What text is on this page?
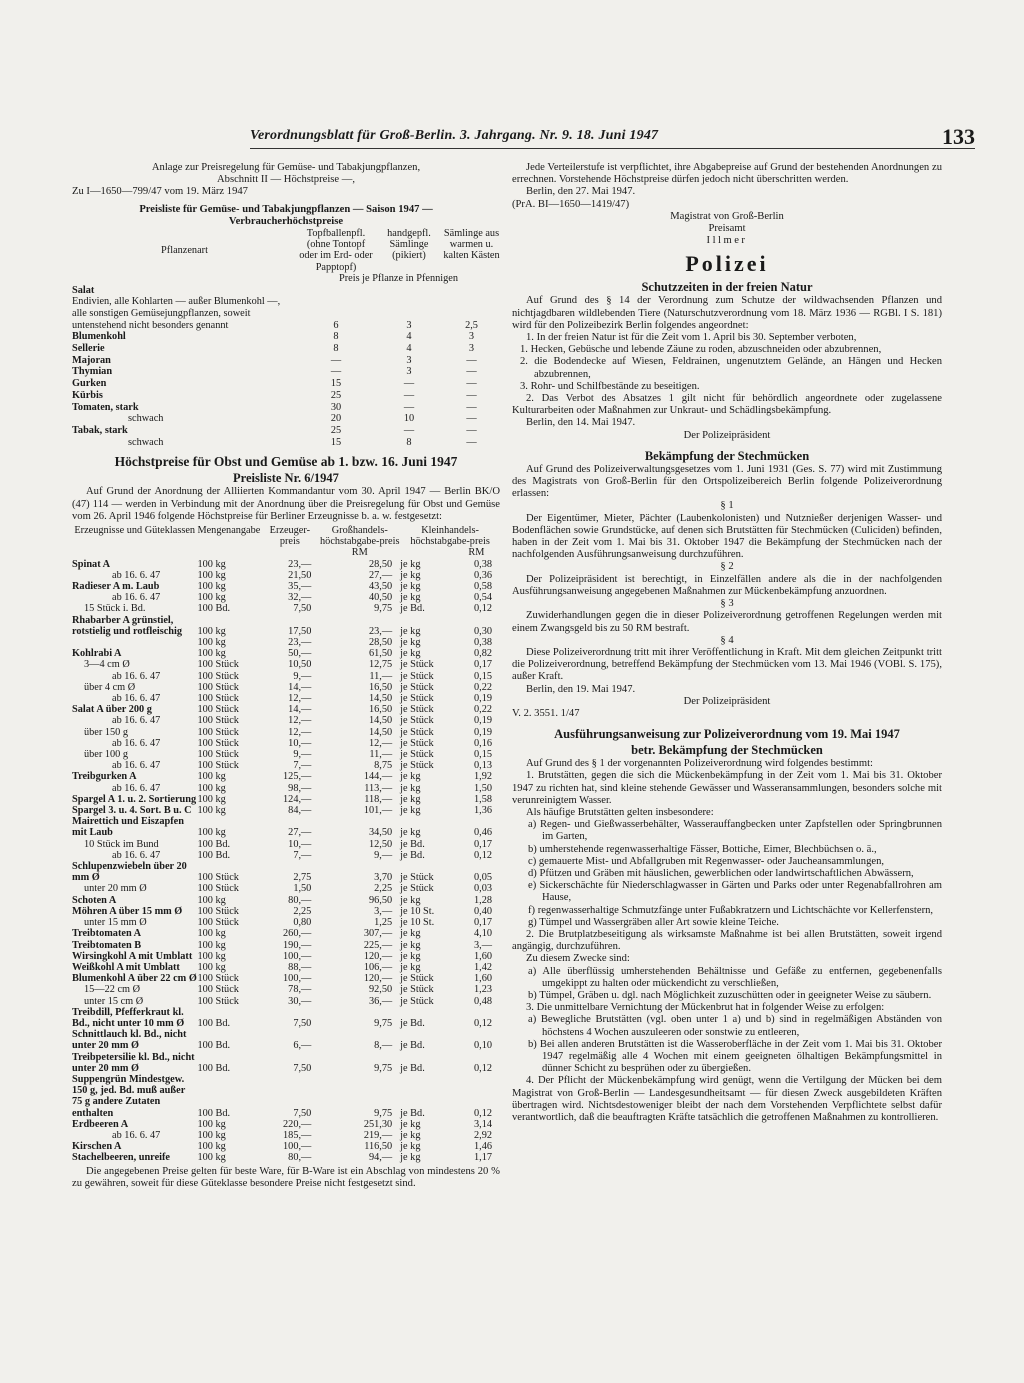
Verordnungsblatt für Groß-Berlin. 3. Jahrgang. Nr. 9. 18. Juni 1947	133

Anlage zur Preisregelung für Gemüse- und Tabakjungpflanzen,

Abschnitt II — Höchstpreise —,

Zu I—1650—799/47 vom 19. März 1947

Preisliste für Gemüse- und Tabakjungpflanzen — Saison 1947 —

Verbraucherhöchstpreise

Pflanzenart	Topfballenpfl. (ohne Tontopf oder im Erd- oder Papptopf)	handgepfl. Sämlinge (pikiert)	Sämlinge aus warmen u. kalten Kästen
	Preis je Pflanze in Pfennigen		
Salat			
Endivien, alle Kohlarten — außer Blumenkohl —, alle sonstigen Gemüsejungpflanzen, soweit untenstehend nicht besonders genannt	6	3	2,5
Blumenkohl	8	4	3
Sellerie	8	4	3
Majoran	—	3	—
Thymian	—	3	—
Gurken	15	—	—
Kürbis	25	—	—
Tomaten, stark	30	—	—
schwach	20	10	—
Tabak, stark	25	—	—
schwach	15	8	—

Höchstpreise für Obst und Gemüse ab 1. bzw. 16. Juni 1947

Preisliste Nr. 6/1947

Auf Grund der Anordnung der Alliierten Kommandantur vom 30. April 1947 — Berlin BK/O (47) 114 — werden in Verbindung mit der Anordnung über die Preisregelung für Obst und Gemüse vom 26. April 1946 folgende Höchstpreise für Berliner Erzeugnisse b. a. w. festgesetzt:

Erzeugnisse und Güteklassen	Mengenangabe	Erzeuger-preis	Großhandels-höchstabgabe-preis	Kleinhandels-höchstabgabe-preis	
			RM		RM
Spinat A	100 kg	23,—	28,50	je kg	0,38
ab 16. 6. 47	100 kg	21,50	27,—	je kg	0,36
Radieser A m. Laub	100 kg	35,—	43,50	je kg	0,58
ab 16. 6. 47	100 kg	32,—	40,50	je kg	0,54
15 Stück i. Bd.	100 Bd.	7,50	9,75	je Bd.	0,12
Rhabarber A grünstiel, rotstielig und rotfleischig	100 kg	17,50	23,—	je kg	0,30
	100 kg	23,—	28,50	je kg	0,38
Kohlrabi A	100 kg	50,—	61,50	je kg	0,82
3—4 cm Ø	100 Stück	10,50	12,75	je Stück	0,17
ab 16. 6. 47	100 Stück	9,—	11,—	je Stück	0,15
über 4 cm Ø	100 Stück	14,—	16,50	je Stück	0,22
ab 16. 6. 47	100 Stück	12,—	14,50	je Stück	0,19
Salat A über 200 g	100 Stück	14,—	16,50	je Stück	0,22
ab 16. 6. 47	100 Stück	12,—	14,50	je Stück	0,19
über 150 g	100 Stück	12,—	14,50	je Stück	0,19
ab 16. 6. 47	100 Stück	10,—	12,—	je Stück	0,16
über 100 g	100 Stück	9,—	11,—	je Stück	0,15
ab 16. 6. 47	100 Stück	7,—	8,75	je Stück	0,13
Treibgurken A	100 kg	125,—	144,—	je kg	1,92
ab 16. 6. 47	100 kg	98,—	113,—	je kg	1,50
Spargel A 1. u. 2. Sortierung	100 kg	124,—	118,—	je kg	1,58
Spargel 3. u. 4. Sort. B u. C	100 kg	84,—	101,—	je kg	1,36
Mairettich und Eiszapfen mit Laub	100 kg	27,—	34,50	je kg	0,46
10 Stück im Bund	100 Bd.	10,—	12,50	je Bd.	0,17
ab 16. 6. 47	100 Bd.	7,—	9,—	je Bd.	0,12
Schlupenzwiebeln über 20 mm Ø	100 Stück	2,75	3,70	je Stück	0,05
unter 20 mm Ø	100 Stück	1,50	2,25	je Stück	0,03
Schoten A	100 kg	80,—	96,50	je kg	1,28
Möhren A über 15 mm Ø	100 Stück	2,25	3,—	je 10 St.	0,40
unter 15 mm Ø	100 Stück	0,80	1,25	je 10 St.	0,17
Treibtomaten A	100 kg	260,—	307,—	je kg	4,10
Treibtomaten B	100 kg	190,—	225,—	je kg	3,—
Wirsingkohl A mit Umblatt	100 kg	100,—	120,—	je kg	1,60
Weißkohl A mit Umblatt	100 kg	88,—	106,—	je kg	1,42
Blumenkohl A über 22 cm Ø	100 Stück	100,—	120,—	je Stück	1,60
15—22 cm Ø	100 Stück	78,—	92,50	je Stück	1,23
unter 15 cm Ø	100 Stück	30,—	36,—	je Stück	0,48
Treibdill, Pfefferkraut kl. Bd., nicht unter 10 mm Ø	100 Bd.	7,50	9,75	je Bd.	0,12
Schnittlauch kl. Bd., nicht unter 20 mm Ø	100 Bd.	6,—	8,—	je Bd.	0,10
Treibpetersilie kl. Bd., nicht unter 20 mm Ø	100 Bd.	7,50	9,75	je Bd.	0,12
Suppengrün Mindestgew. 150 g, jed. Bd. muß außer 75 g andere Zutaten enthalten	100 Bd.	7,50	9,75	je Bd.	0,12
Erdbeeren A	100 kg	220,—	251,30	je kg	3,14
ab 16. 6. 47	100 kg	185,—	219,—	je kg	2,92
Kirschen A	100 kg	100,—	116,50	je kg	1,46
Stachelbeeren, unreife	100 kg	80,—	94,—	je kg	1,17

Die angegebenen Preise gelten für beste Ware, für B-Ware ist ein Abschlag von mindestens 20 % zu gewähren, soweit für diese Güteklasse besondere Preise nicht festgesetzt sind.

Jede Verteilerstufe ist verpflichtet, ihre Abgabepreise auf Grund der bestehenden Anordnungen zu errechnen. Vorstehende Höchstpreise dürfen jedoch nicht überschritten werden.

Berlin, den 27. Mai 1947.

(PrA. BI—1650—1419/47)

Magistrat von Groß-Berlin

Preisamt

Illmer

Polizei

Schutzzeiten in der freien Natur

Auf Grund des § 14 der Verordnung zum Schutze der wildwachsenden Pflanzen und nichtjagdbaren wildlebenden Tiere (Naturschutzverordnung vom 18. März 1936 — RGBl. I S. 181) wird für den Polizeibezirk Berlin folgendes angeordnet:

1. In der freien Natur ist für die Zeit vom 1. April bis 30. September verboten,

1. Hecken, Gebüsche und lebende Zäune zu roden, abzuschneiden oder abzubrennen,

2. die Bodendecke auf Wiesen, Feldrainen, ungenutztem Gelände, an Hängen und Hecken abzubrennen,

3. Rohr- und Schilfbestände zu beseitigen.

2. Das Verbot des Absatzes 1 gilt nicht für behördlich angeordnete oder zugelassene Kulturarbeiten oder Maßnahmen zur Unkraut- und Schädlingsbekämpfung.

Berlin, den 14. Mai 1947.

Der Polizeipräsident

Bekämpfung der Stechmücken

Auf Grund des Polizeiverwaltungsgesetzes vom 1. Juni 1931 (Ges. S. 77) wird mit Zustimmung des Magistrats von Groß-Berlin für den Ortspolizeibereich Berlin folgende Polizeiverordnung erlassen:

§ 1

Der Eigentümer, Mieter, Pächter (Laubenkolonisten) und Nutznießer derjenigen Wasser- und Bodenflächen sowie Grundstücke, auf denen sich Brutstätten für Stechmücken (Culiciden) befinden, haben in der Zeit vom 1. Mai bis 31. Oktober 1947 die Bekämpfung der Stechmücken nach der nachfolgenden Ausführungsanweisung durchzuführen.

§ 2

Der Polizeipräsident ist berechtigt, in Einzelfällen andere als die in der nachfolgenden Ausführungsanweisung angegebenen Maßnahmen zur Mückenbekämpfung anzuordnen.

§ 3

Zuwiderhandlungen gegen die in dieser Polizeiverordnung getroffenen Regelungen werden mit einem Zwangsgeld bis zu 50 RM bestraft.

§ 4

Diese Polizeiverordnung tritt mit ihrer Veröffentlichung in Kraft. Mit dem gleichen Zeitpunkt tritt die Polizeiverordnung, betreffend Bekämpfung der Stechmücken vom 13. Mai 1946 (VOBl. S. 175), außer Kraft.

Berlin, den 19. Mai 1947.

Der Polizeipräsident

V. 2. 3551. 1/47

Ausführungsanweisung zur Polizeiverordnung vom 19. Mai 1947

betr. Bekämpfung der Stechmücken

Auf Grund des § 1 der vorgenannten Polizeiverordnung wird folgendes bestimmt:

1. Brutstätten, gegen die sich die Mückenbekämpfung in der Zeit vom 1. Mai bis 31. Oktober 1947 zu richten hat, sind kleine stehende Gewässer und Wasseransammlungen, besonders solche mit verunreinigtem Wasser.

Als häufige Brutstätten gelten insbesondere:

a) Regen- und Gießwasserbehälter, Wasserauffangbecken unter Zapfstellen oder Springbrunnen im Garten,

b) umherstehende regenwasserhaltige Fässer, Bottiche, Eimer, Blechbüchsen o. ä.,

c) gemauerte Mist- und Abfallgruben mit Regenwasser- oder Jaucheansammlungen,

d) Pfützen und Gräben mit häuslichen, gewerblichen oder landwirtschaftlichen Abwässern,

e) Sickerschächte für Niederschlagwasser in Gärten und Parks oder unter Regenabfallrohren am Hause,

f) regenwasserhaltige Schmutzfänge unter Fußabkratzern und Lichtschächte vor Kellerfenstern,

g) Tümpel und Wassergräben aller Art sowie kleine Teiche.

2. Die Brutplatzbeseitigung als wirksamste Maßnahme ist bei allen Brutstätten, soweit irgend angängig, durchzuführen.

Zu diesem Zwecke sind:

a) Alle überflüssig umherstehenden Behältnisse und Gefäße zu entfernen, gegebenenfalls umgekippt zu halten oder mückendicht zu verschließen,

b) Tümpel, Gräben u. dgl. nach Möglichkeit zuzuschütten oder in geeigneter Weise zu säubern.

3. Die unmittelbare Vernichtung der Mückenbrut hat in folgender Weise zu erfolgen:

a) Bewegliche Brutstätten (vgl. oben unter 1 a) und b) sind in regelmäßigen Abständen von höchstens 4 Wochen auszuleeren oder sonstwie zu entleeren,

b) Bei allen anderen Brutstätten ist die Wasseroberfläche in der Zeit vom 1. Mai bis 31. Oktober 1947 regelmäßig alle 4 Wochen mit einem geeigneten ölhaltigen Bekämpfungsmittel in dünner Schicht zu besprühen oder zu übergießen.

4. Der Pflicht der Mückenbekämpfung wird genügt, wenn die Vertilgung der Mücken bei dem Magistrat von Groß-Berlin — Landesgesundheitsamt — für diesen Zweck ausgebildeten Kräften übertragen wird. Nichtsdestoweniger bleibt der nach dem Vorstehenden Verpflichtete selbst dafür verantwortlich, daß die beauftragten Kräfte tatsächlich die getroffenen Maßnahmen zu kontrollieren.
